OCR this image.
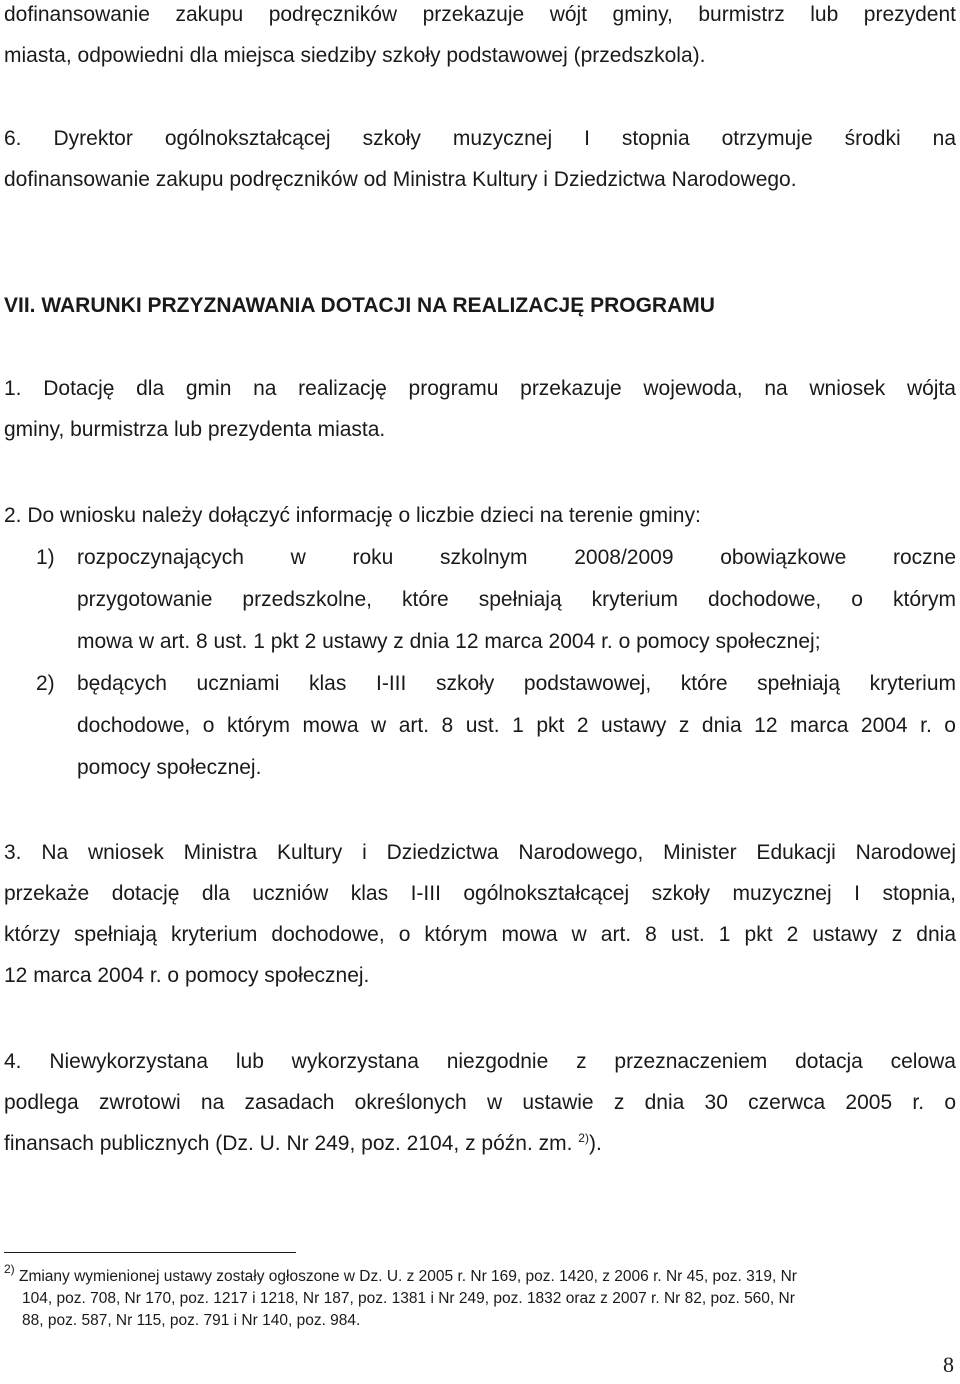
dofinansowanie zakupu podręczników przekazuje wójt gminy, burmistrz lub prezydent
miasta, odpowiedni dla miejsca siedziby szkoły podstawowej (przedszkola).

6. Dyrektor ogólnokształcącej szkoły muzycznej I stopnia otrzymuje środki na
dofinansowanie zakupu podręczników od Ministra Kultury i Dziedzictwa Narodowego.

VII. WARUNKI PRZYZNAWANIA DOTACJI NA REALIZACJĘ PROGRAMU

1. Dotację dla gmin na realizację programu przekazuje wojewoda, na wniosek wójta
gminy, burmistrza lub prezydenta miasta.

2. Do wniosku należy dołączyć informację o liczbie dzieci na terenie gminy:

1) rozpoczynających w roku szkolnym 2008/2009 obowiązkowe roczne
przygotowanie przedszkolne, które spełniają kryterium dochodowe, o którym
mowa w art. 8 ust. 1 pkt 2 ustawy z dnia 12 marca 2004 r. o pomocy społecznej;
2) będących uczniami klas I-III szkoły podstawowej, które spełniają kryterium
dochodowe, o którym mowa w art. 8 ust. 1 pkt 2 ustawy z dnia 12 marca 2004 r. o
pomocy społecznej.

3. Na wniosek Ministra Kultury i Dziedzictwa Narodowego, Minister Edukacji Narodowej
przekaże dotację dla uczniów klas I-III ogólnokształcącej szkoły muzycznej I stopnia,
którzy spełniają kryterium dochodowe, o którym mowa w art. 8 ust. 1 pkt 2 ustawy z dnia
12 marca 2004 r. o pomocy społecznej.

4. Niewykorzystana lub wykorzystana niezgodnie z przeznaczeniem dotacja celowa
podlega zwrotowi na zasadach określonych w ustawie z dnia 30 czerwca 2005 r. o
finansach publicznych (Dz. U. Nr 249, poz. 2104, z późn. zm. $^{2)}$).

$^{2)}$ Zmiany wymienionej ustawy zostały ogłoszone w Dz. U. z 2005 r. Nr 169, poz. 1420, z 2006 r. Nr 45, poz. 319, Nr
104, poz. 708, Nr 170, poz. 1217 i 1218, Nr 187, poz. 1381 i Nr 249, poz. 1832 oraz z 2007 r. Nr 82, poz. 560, Nr
88, poz. 587, Nr 115, poz. 791 i Nr 140, poz. 984.

8
